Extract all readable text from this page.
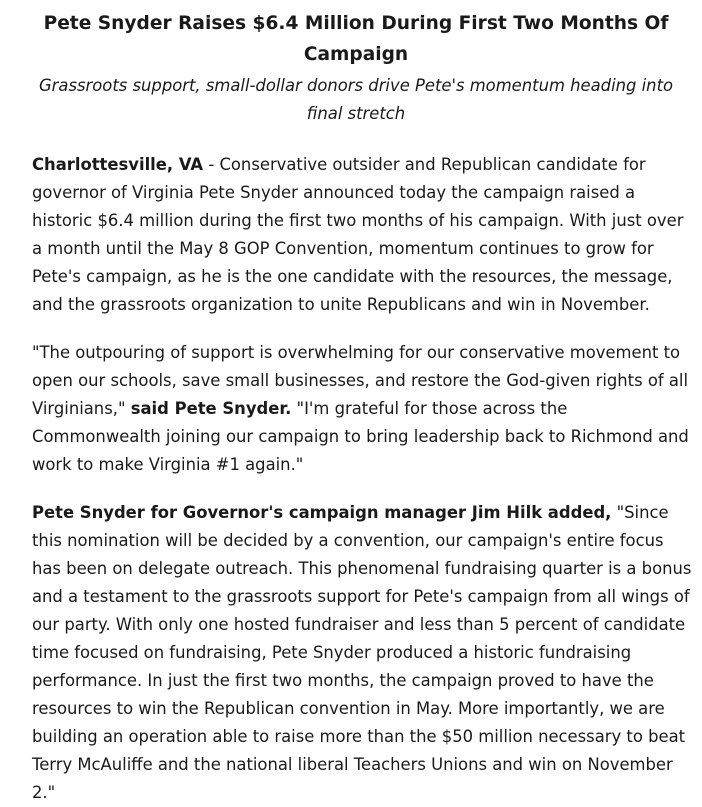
Pete Snyder Raises $6.4 Million During First Two Months Of Campaign
Grassroots support, small-dollar donors drive Pete's momentum heading into final stretch

Charlottesville, VA - Conservative outsider and Republican candidate for governor of Virginia Pete Snyder announced today the campaign raised a historic $6.4 million during the first two months of his campaign. With just over a month until the May 8 GOP Convention, momentum continues to grow for Pete's campaign, as he is the one candidate with the resources, the message, and the grassroots organization to unite Republicans and win in November.

"The outpouring of support is overwhelming for our conservative movement to open our schools, save small businesses, and restore the God-given rights of all Virginians," said Pete Snyder. "I'm grateful for those across the Commonwealth joining our campaign to bring leadership back to Richmond and work to make Virginia #1 again."

Pete Snyder for Governor's campaign manager Jim Hilk added, "Since this nomination will be decided by a convention, our campaign's entire focus has been on delegate outreach. This phenomenal fundraising quarter is a bonus and a testament to the grassroots support for Pete's campaign from all wings of our party. With only one hosted fundraiser and less than 5 percent of candidate time focused on fundraising, Pete Snyder produced a historic fundraising performance. In just the first two months, the campaign proved to have the resources to win the Republican convention in May. More importantly, we are building an operation able to raise more than the $50 million necessary to beat Terry McAuliffe and the national liberal Teachers Unions and win on November 2."
